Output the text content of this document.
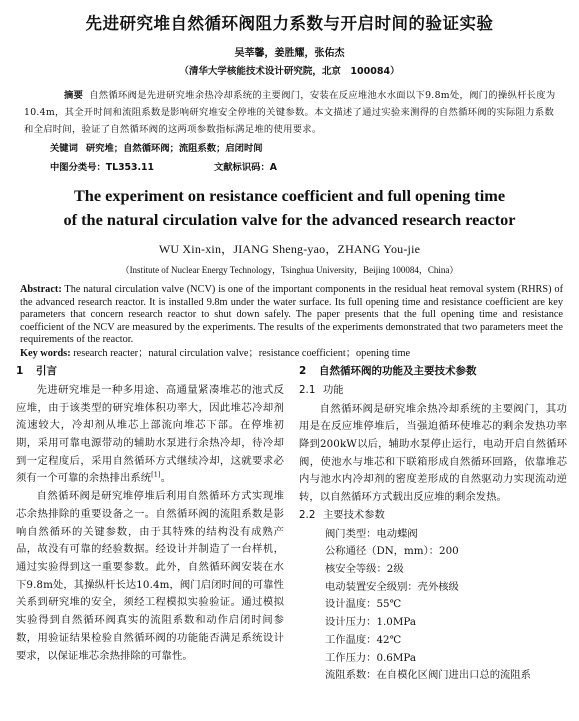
先进研究堆自然循环阀阻力系数与开启时间的验证实验
吴莘馨，姜胜耀，张佑杰
（清华大学核能技术设计研究院，北京　100084）
摘要 自然循环阀是先进研究堆余热冷却系统的主要阀门，安装在反应堆池水水面以下9.8m处，阀门的操纵杆长度为10.4m，其全开时间和流阻系数是影响研究堆安全停堆的关键参数。本文描述了通过实验来测得的自然循环阀的实际阻力系数和全启时间，验证了自然循环阀的这两项参数指标满足堆的使用要求。
关键词 研究堆；自然循环阀；流阻系数；启闭时间
中图分类号：TL353.11	文献标识码：A
The experiment on resistance coefficient and full opening time
of the natural circulation valve for the advanced research reactor
WU Xin-xin，JIANG Sheng-yao，ZHANG You-jie
（Institute of Nuclear Energy Technology，Tsinghua University，Beijing 100084，China）
Abstract: The natural circulation valve (NCV) is one of the important components in the residual heat removal system (RHRS) of the advanced research reactor. It is installed 9.8m under the water surface. Its full opening time and resistance coefficient are key parameters that concern research reactor to shut down safely. The paper presents that the full opening time and resistance coefficient of the NCV are measured by the experiments. The results of the experiments demonstrated that two parameters meet the requirements of the reactor.
Key words: research reacter；natural circulation valve；resistance coefficient；opening time
1 引言

先进研究堆是一种多用途、高通量紧凑堆芯的池式反应堆，由于该类型的研究堆体积功率大，因此堆芯冷却剂流速较大，冷却剂从堆芯上部流向堆芯下部。在停堆初期，采用可靠电源带动的辅助水泵进行余热冷却，待冷却到一定程度后，采用自然循环方式继续冷却，这就要求必须有一个可靠的余热排出系统[1]。

自然循环阀是研究堆停堆后利用自然循环方式实现堆芯余热排除的重要设备之一。自然循环阀的流阻系数是影响自然循环的关键参数，由于其特殊的结构没有成熟产品，故没有可靠的经验数据。经设计并制造了一台样机，通过实验得到这一重要参数。此外，自然循环阀安装在水下9.8m处，其操纵杆长达10.4m，阀门启闭时间的可靠性关系到研究堆的安全，须经工程模拟实验验证。通过模拟实验得到自然循环阀真实的流阻系数和动作启闭时间参数，用验证结果检验自然循环阀的功能能否满足系统设计要求，以保证堆芯余热排除的可靠性。

2 自然循环阀的功能及主要技术参数
2.1 功能

自然循环阀是研究堆余热冷却系统的主要阀门，其功用是在反应堆停堆后，当强迫循环使堆芯的剩余发热功率降到200kW以后，辅助水泵停止运行，电动开启自然循环阀，使池水与堆芯和下联箱形成自然循环回路，依靠堆芯内与池水内冷却剂的密度差形成的自然驱动力实现流动逆转，以自然循环方式载出反应堆的剩余发热。

2.2 主要技术参数
阀门类型：电动蝶阀
公称通径（DN，mm）：200
核安全等级：2级
电动装置安全级别：壳外核级
设计温度：55℃
设计压力：1.0MPa
工作温度：42℃
工作压力：0.6MPa
流阻系数：在自模化区阀门进出口总的流阻系
